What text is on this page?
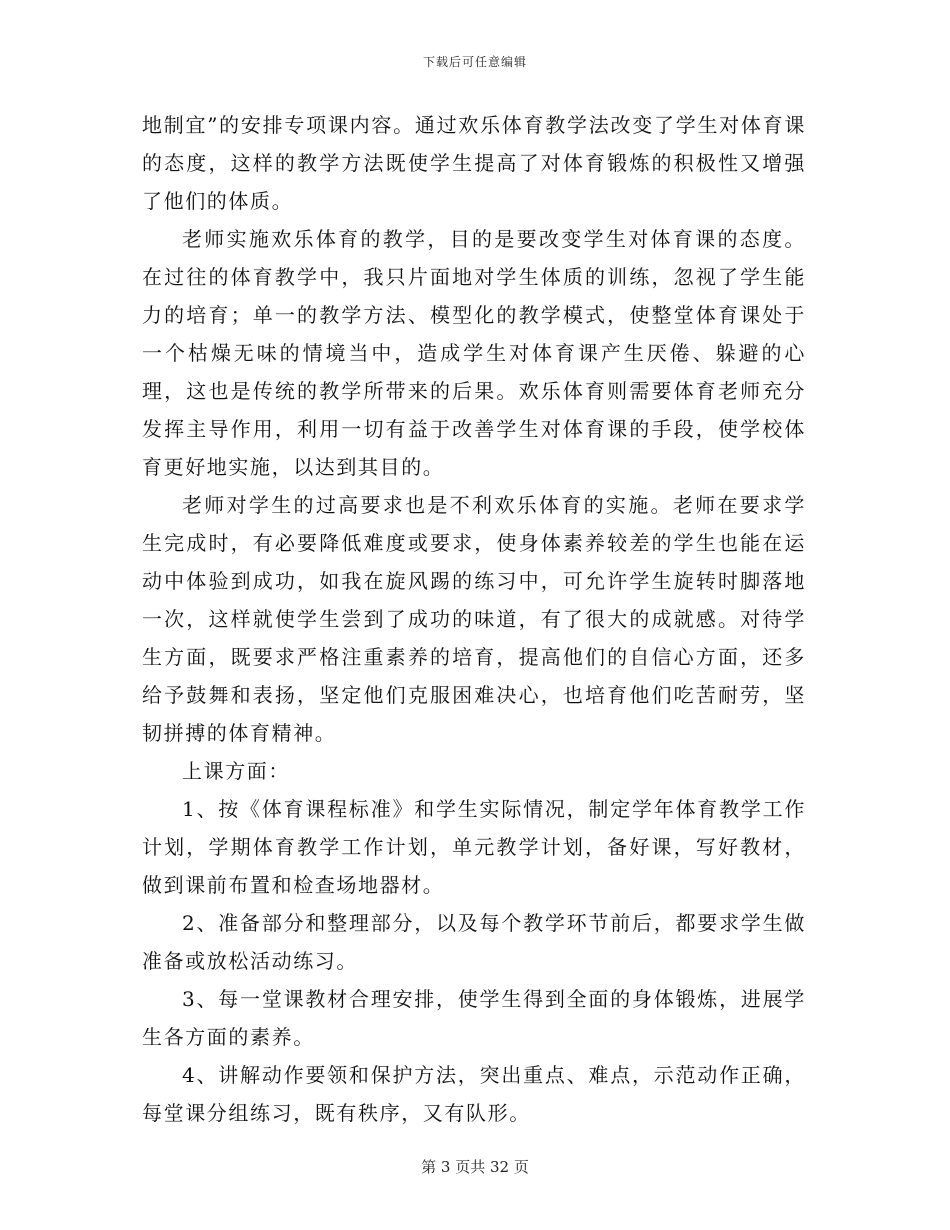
下载后可任意编辑

地制宜”的安排专项课内容。通过欢乐体育教学法改变了学生对体育课的态度，这样的教学方法既使学生提高了对体育锻炼的积极性又增强了他们的体质。

老师实施欢乐体育的教学，目的是要改变学生对体育课的态度。在过往的体育教学中，我只片面地对学生体质的训练，忽视了学生能力的培育；单一的教学方法、模型化的教学模式，使整堂体育课处于一个枯燥无味的情境当中，造成学生对体育课产生厌倦、躲避的心理，这也是传统的教学所带来的后果。欢乐体育则需要体育老师充分发挥主导作用，利用一切有益于改善学生对体育课的手段，使学校体育更好地实施，以达到其目的。

老师对学生的过高要求也是不利欢乐体育的实施。老师在要求学生完成时，有必要降低难度或要求，使身体素养较差的学生也能在运动中体验到成功，如我在旋风踢的练习中，可允许学生旋转时脚落地一次，这样就使学生尝到了成功的味道，有了很大的成就感。对待学生方面，既要求严格注重素养的培育，提高他们的自信心方面，还多给予鼓舞和表扬，坚定他们克服困难决心，也培育他们吃苦耐劳，坚韧拼搏的体育精神。

上课方面：

1、按《体育课程标准》和学生实际情况，制定学年体育教学工作计划，学期体育教学工作计划，单元教学计划，备好课，写好教材，做到课前布置和检查场地器材。

2、准备部分和整理部分，以及每个教学环节前后，都要求学生做准备或放松活动练习。

3、每一堂课教材合理安排，使学生得到全面的身体锻炼，进展学生各方面的素养。

4、讲解动作要领和保护方法，突出重点、难点，示范动作正确，每堂课分组练习，既有秩序，又有队形。

第 3 页共 32 页
